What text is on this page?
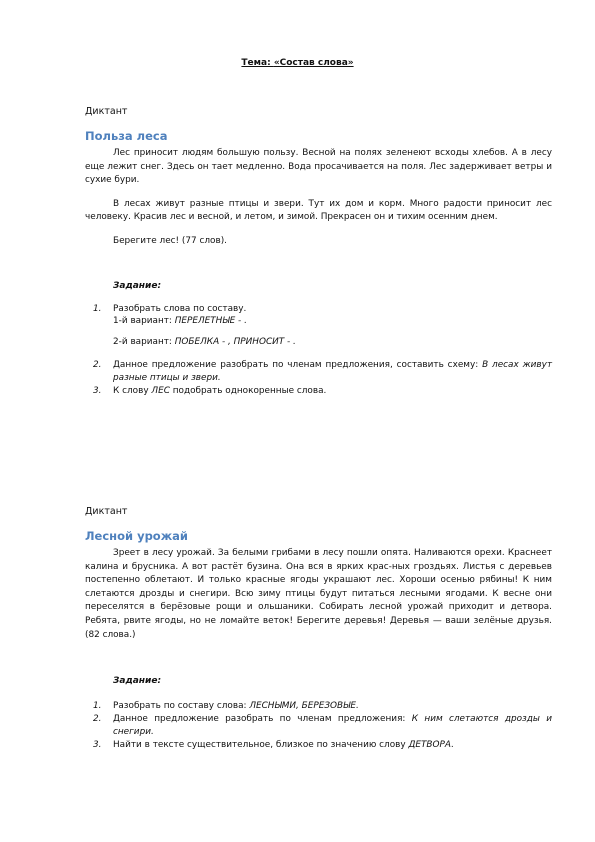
Тема: «Состав слова»

Диктант

Польза леса

Лес приносит людям большую пользу. Весной на полях зеленеют всходы хлебов. А в лесу еще лежит снег. Здесь он тает медленно. Вода просачивается на поля. Лес задерживает ветры и сухие бури.

В лесах живут разные птицы и звери. Тут их дом и корм. Много радости приносит лес человеку. Красив лес и весной, и летом, и зимой. Прекрасен он и тихим осенним днем.

Берегите лес! (77 слов).

Задание:

1. Разобрать слова по составу.
1-й вариант: ПЕРЕЛЕТНЫЕ - .
2-й вариант: ПОБЕЛКА - , ПРИНОСИТ - .
2. Данное предложение разобрать по членам предложения, составить схему: В лесах живут разные птицы и звери.
3. К слову ЛЕС подобрать однокоренные слова.

Диктант

Лесной урожай

Зреет в лесу урожай. За белыми грибами в лесу пошли опята. Наливаются орехи. Краснеет калина и брусника. А вот растёт бузина. Она вся в ярких крас-ных гроздьях. Листья с деревьев постепенно облетают. И только красные ягоды украшают лес. Хороши осенью рябины! К ним слетаются дрозды и снегири. Всю зиму птицы будут питаться лесными ягодами. К весне они переселятся в берёзовые рощи и ольшаники. Собирать лесной урожай приходит и детвора. Ребята, рвите ягоды, но не ломайте веток! Берегите деревья! Деревья — ваши зелёные друзья. (82 слова.)

Задание:

1. Разобрать по составу слова: ЛЕСНЫМИ, БЕРЕЗОВЫЕ.
2. Данное предложение разобрать по членам предложения: К ним слетаются дрозды и снегири.
3. Найти в тексте существительное, близкое по значению слову ДЕТВОРА.
